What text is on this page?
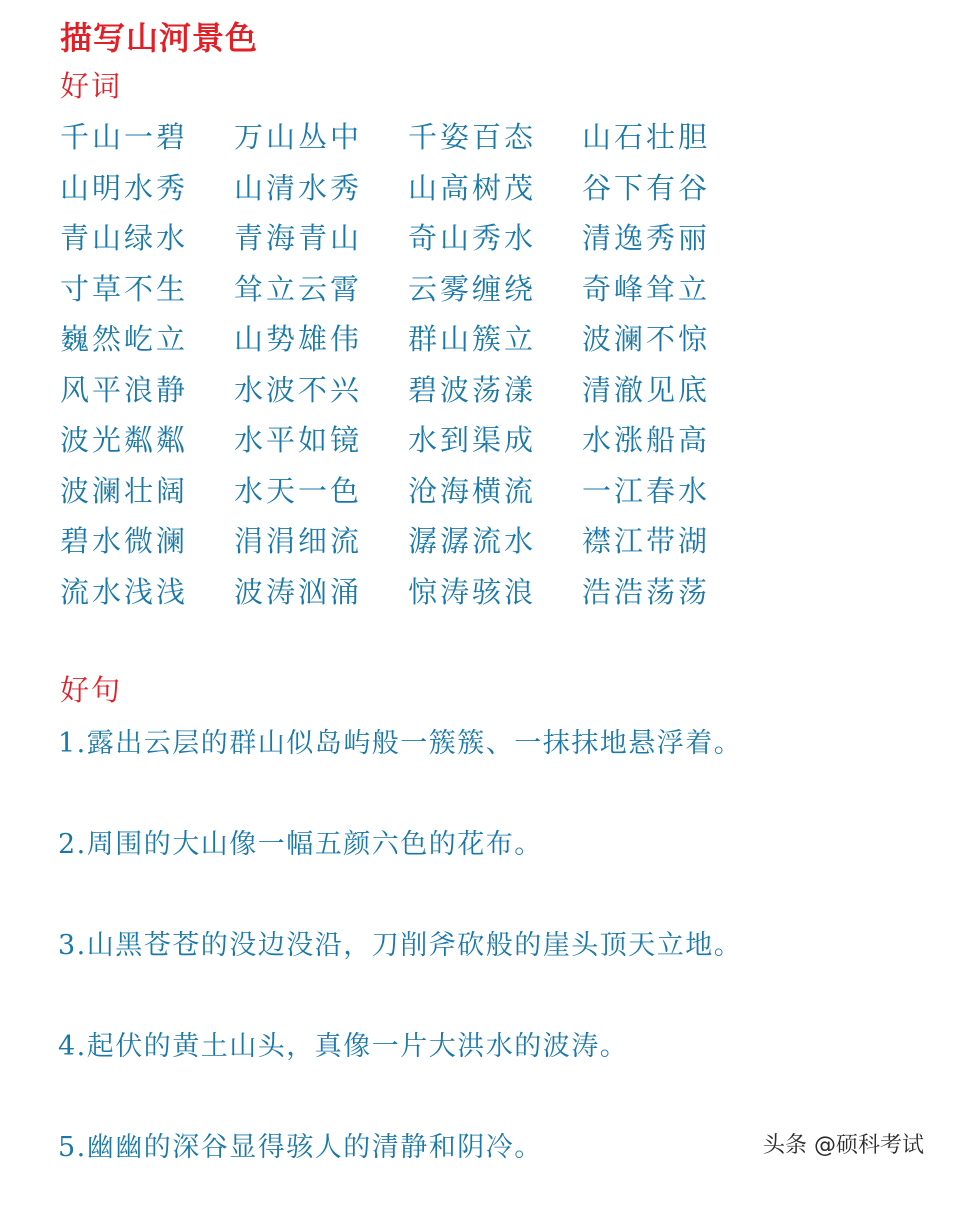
描写山河景色
好词
千山一碧	万山丛中	千姿百态	山石壮胆
山明水秀	山清水秀	山高树茂	谷下有谷
青山绿水	青海青山	奇山秀水	清逸秀丽
寸草不生	耸立云霄	云雾缠绕	奇峰耸立
巍然屹立	山势雄伟	群山簇立	波澜不惊
风平浪静	水波不兴	碧波荡漾	清澈见底
波光粼粼	水平如镜	水到渠成	水涨船高
波澜壮阔	水天一色	沧海横流	一江春水
碧水微澜	涓涓细流	潺潺流水	襟江带湖
流水浅浅	波涛汹涌	惊涛骇浪	浩浩荡荡
好句
1.露出云层的群山似岛屿般一簇簇、一抹抹地悬浮着。
2.周围的大山像一幅五颜六色的花布。
3.山黑苍苍的没边没沿，刀削斧砍般的崖头顶天立地。
4.起伏的黄土山头，真像一片大洪水的波涛。
5.幽幽的深谷显得骇人的清静和阴冷。	头条 @硕科考试
